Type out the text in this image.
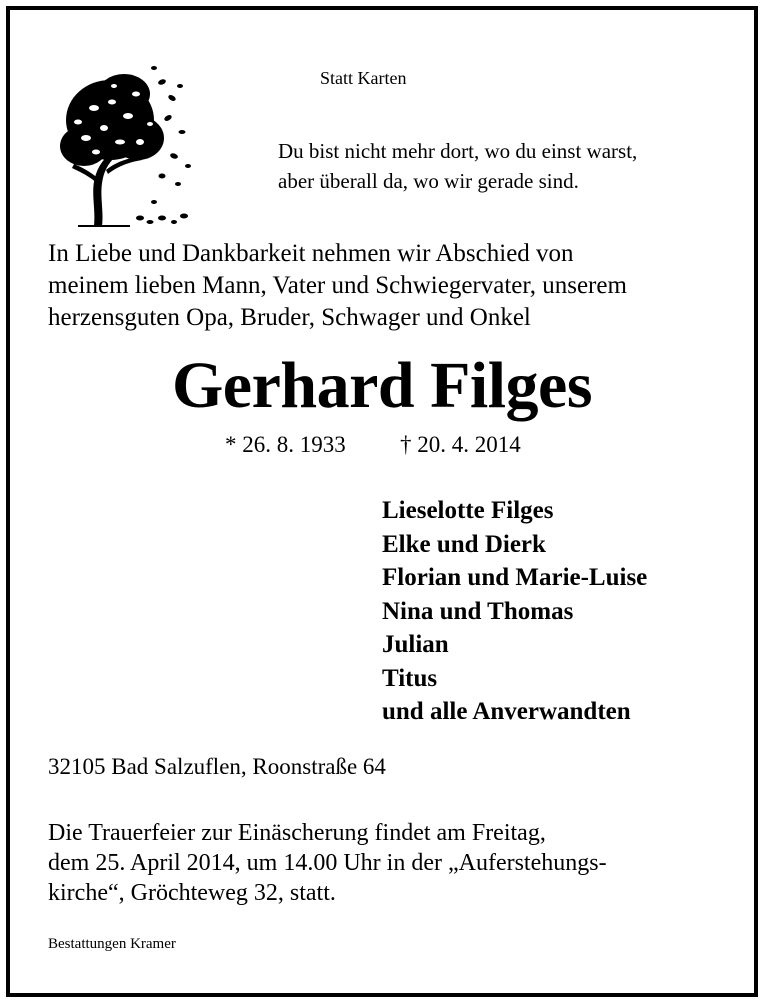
Statt Karten
Du bist nicht mehr dort, wo du einst warst,
aber überall da, wo wir gerade sind.
In Liebe und Dankbarkeit nehmen wir Abschied von
meinem lieben Mann, Vater und Schwiegervater, unserem
herzensguten Opa, Bruder, Schwager und Onkel
Gerhard Filges
* 26. 8. 1933 † 20. 4. 2014
Lieselotte Filges
Elke und Dierk
Florian und Marie-Luise
Nina und Thomas
Julian
Titus
und alle Anverwandten
32105 Bad Salzuflen, Roonstraße 64
Die Trauerfeier zur Einäscherung findet am Freitag,
dem 25. April 2014, um 14.00 Uhr in der „Auferstehungs-
kirche“, Gröchteweg 32, statt.
Bestattungen Kramer
